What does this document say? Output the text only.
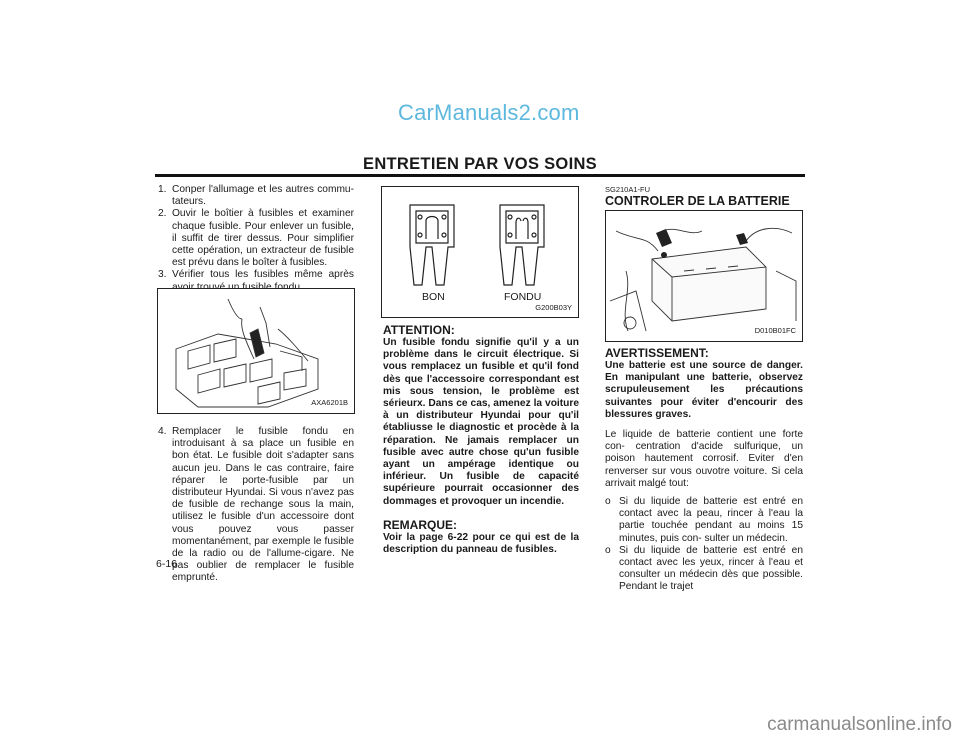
CarManuals2.com
ENTRETIEN PAR VOS SOINS
1. Conper l'allumage et les autres commu- tateurs.
2. Ouvir le boîtier à fusibles et examiner chaque fusible. Pour enlever un fusible, il suffit de tirer dessus. Pour simplifier cette opération, un extracteur de fusible est prévu dans le boîter à fusibles.
3. Vérifier tous les fusibles même après
AXA6201B
4. Remplacer le fusible fondu en introduisant à sa place un fusible en bon état. Le fusible doit s'adapter sans aucun jeu. Dans le cas contraire, faire réparer le porte-fusible par un distributeur Hyundai. Si vous n'avez pas de fusible de rechange sous la main, utilisez le fusible d'un accessoire dont vous pouvez vous passer momentanément, par exemple le fusible de la radio ou de l'allume-cigare. Ne pas oublier de remplacer le fusible emprunté.
BON	FONDU
G200B03Y
ATTENTION:
Un fusible fondu signifie qu'il y a un problème dans le circuit électrique. Si vous remplacez un fusible et qu'il fond dès que l'accessoire correspondant est mis sous tension, le problème est sérieurx. Dans ce cas, amenez la voiture à un distributeur Hyundai pour qu'il établiusse le diagnostic et procède à la réparation. Ne jamais remplacer un fusible avec autre chose qu'un fusible ayant un ampérage identique ou inférieur. Un fusible de capacité supérieure pourrait occasionner des dommages et provoquer un incendie.
REMARQUE:
Voir la page 6-22 pour ce qui est de la description du panneau de fusibles.
SG210A1-FU
CONTROLER DE LA BATTERIE
D010B01FC
AVERTISSEMENT:
Une batterie est une source de danger. En manipulant une batterie, observez scrupuleusement les précautions suivantes pour éviter d'encourir des blessures graves.

Le liquide de batterie contient une forte con- centration d'acide sulfurique, un poison hautement corrosif. Eviter d'en renverser sur vous ouvotre voiture. Si cela arrivait malgé tout:

o Si du liquide de batterie est entré en contact avec la peau, rincer à l'eau la partie touchée pendant au moins 15 minutes, puis con- sulter un médecin.
o Si du liquide de batterie est entré en contact avec les yeux, rincer à l'eau et consulter un médecin dès que possible. Pendant le trajet
6-16
carmanualsonline.info
